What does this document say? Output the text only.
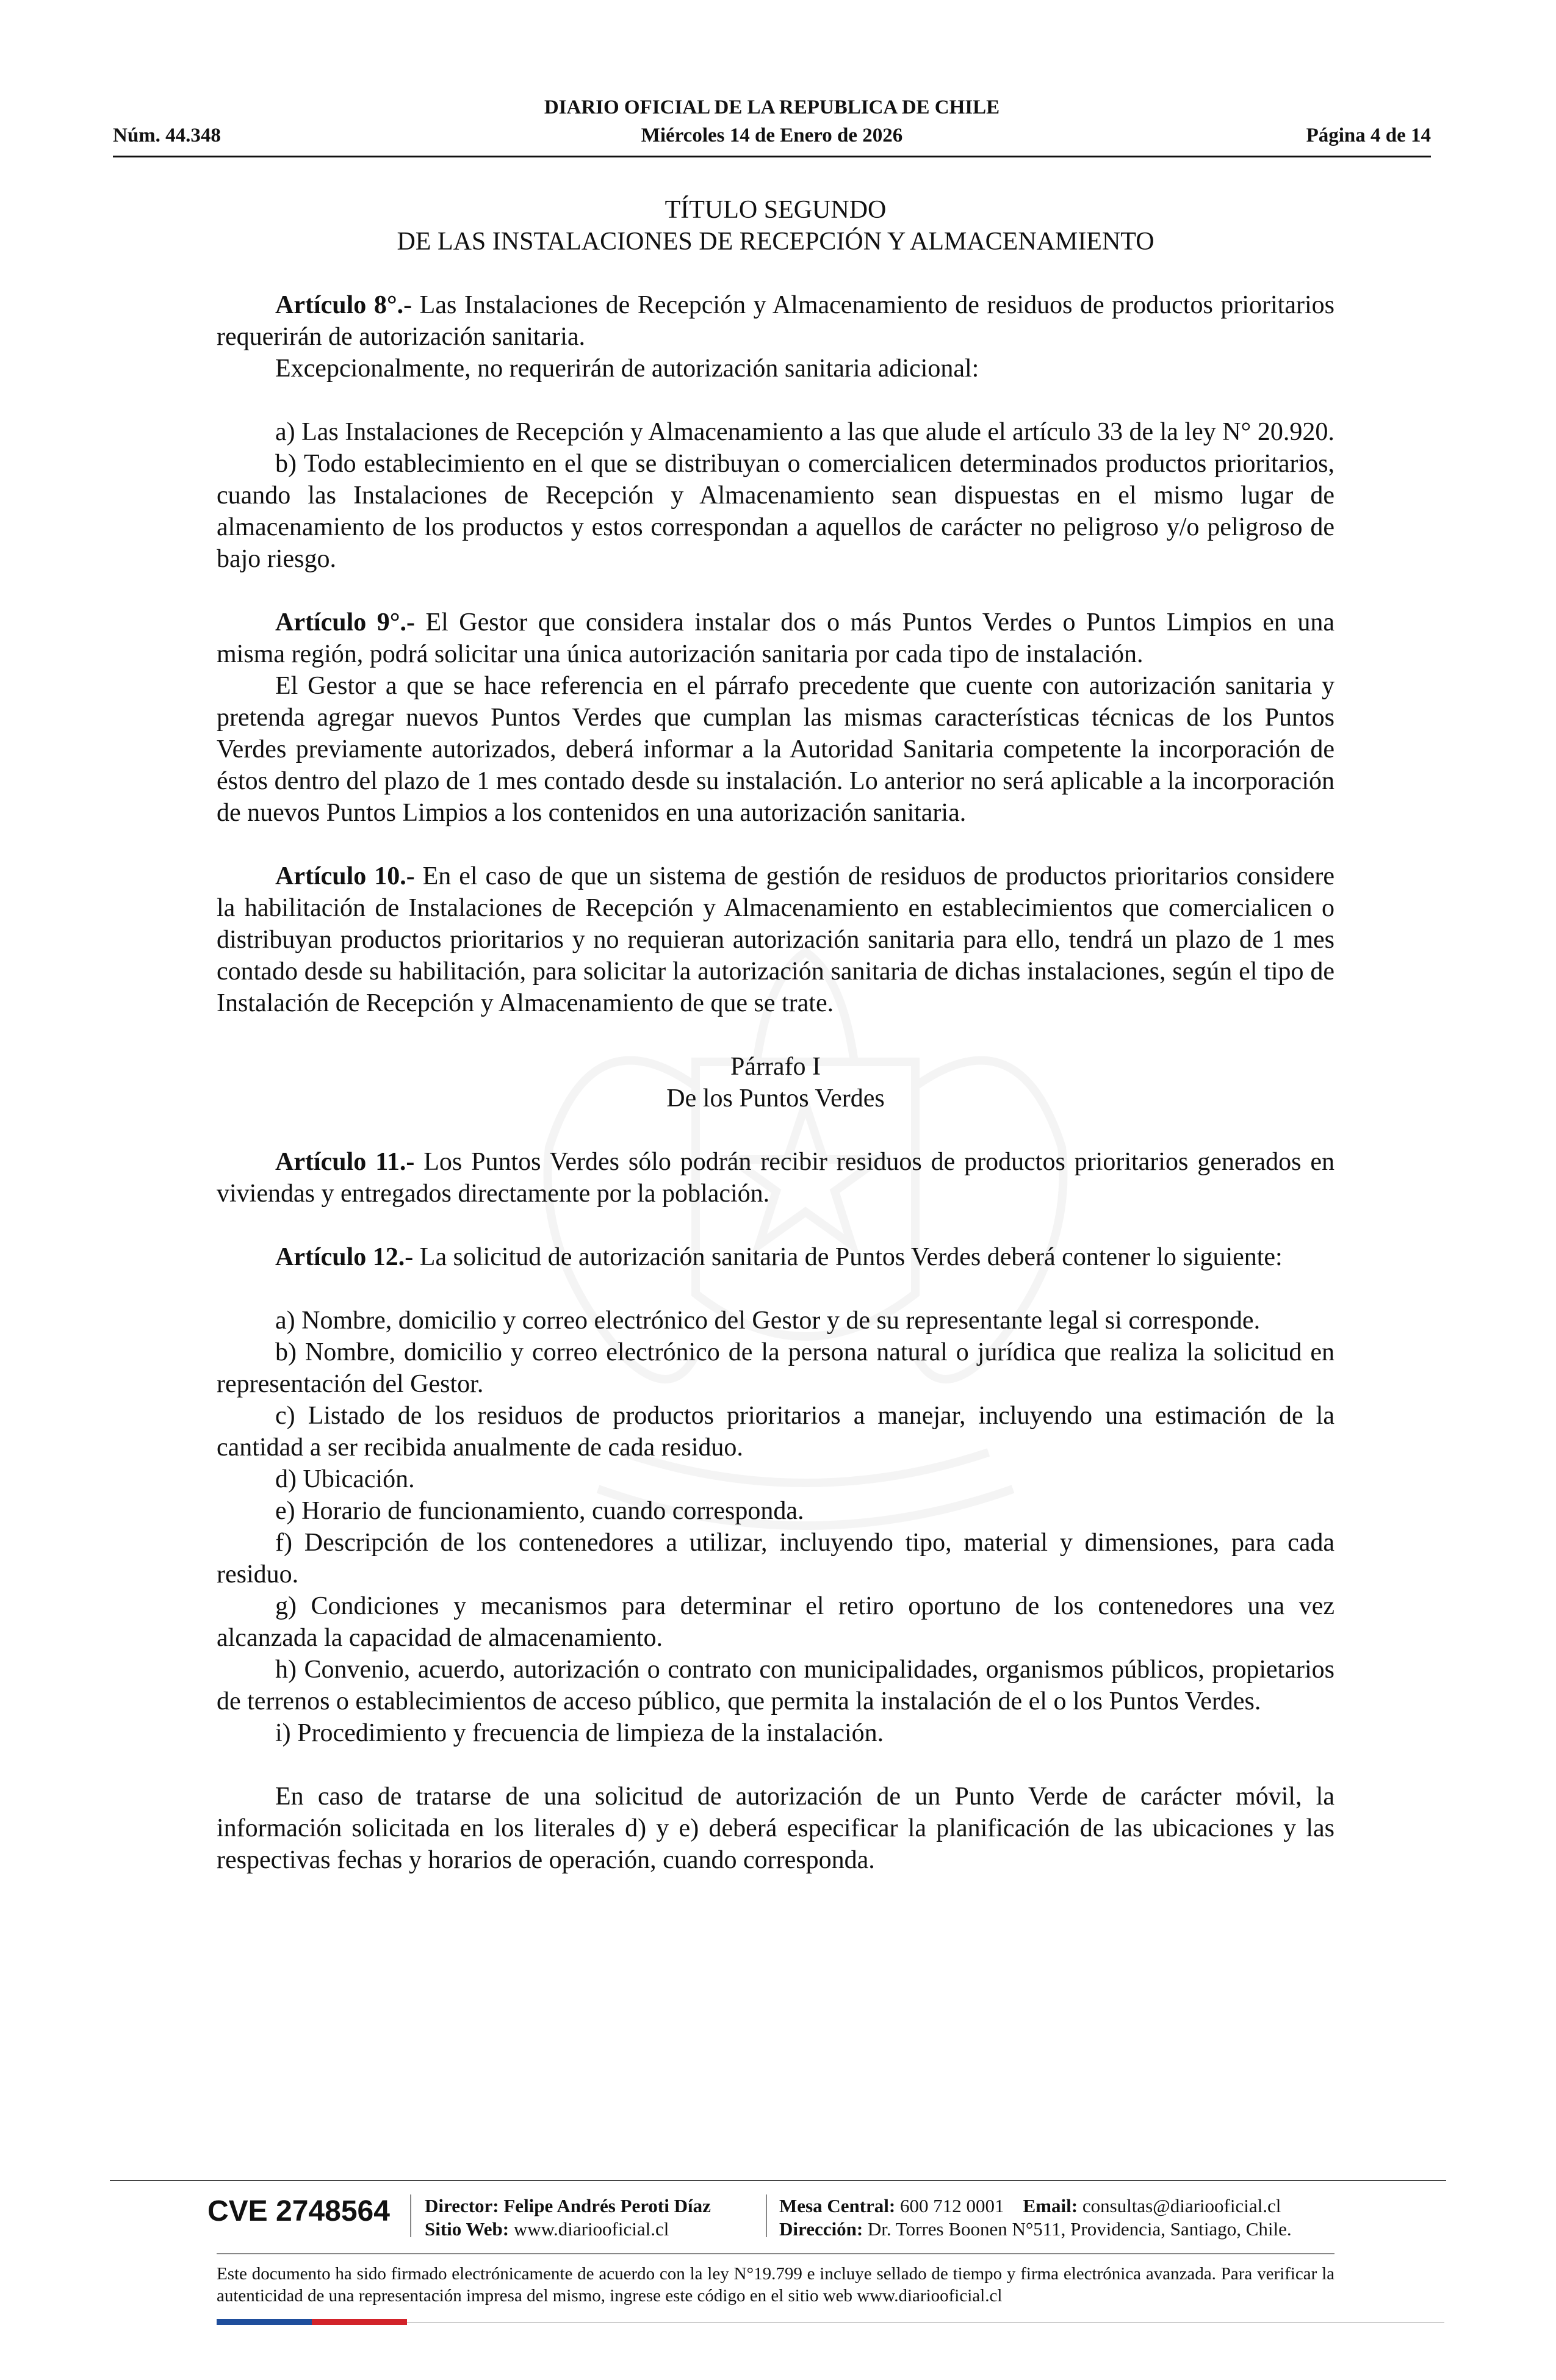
DIARIO OFICIAL DE LA REPUBLICA DE CHILE
Núm. 44.348	Miércoles 14 de Enero de 2026	Página 4 de 14

TÍTULO SEGUNDO

DE LAS INSTALACIONES DE RECEPCIÓN Y ALMACENAMIENTO

Artículo 8°.- Las Instalaciones de Recepción y Almacenamiento de residuos de productos prioritarios requerirán de autorización sanitaria.

Excepcionalmente, no requerirán de autorización sanitaria adicional:

a) Las Instalaciones de Recepción y Almacenamiento a las que alude el artículo 33 de la ley N° 20.920.

b) Todo establecimiento en el que se distribuyan o comercialicen determinados productos prioritarios, cuando las Instalaciones de Recepción y Almacenamiento sean dispuestas en el mismo lugar de almacenamiento de los productos y estos correspondan a aquellos de carácter no peligroso y/o peligroso de bajo riesgo.

Artículo 9°.- El Gestor que considera instalar dos o más Puntos Verdes o Puntos Limpios en una misma región, podrá solicitar una única autorización sanitaria por cada tipo de instalación.

El Gestor a que se hace referencia en el párrafo precedente que cuente con autorización sanitaria y pretenda agregar nuevos Puntos Verdes que cumplan las mismas características técnicas de los Puntos Verdes previamente autorizados, deberá informar a la Autoridad Sanitaria competente la incorporación de éstos dentro del plazo de 1 mes contado desde su instalación. Lo anterior no será aplicable a la incorporación de nuevos Puntos Limpios a los contenidos en una autorización sanitaria.

Artículo 10.- En el caso de que un sistema de gestión de residuos de productos prioritarios considere la habilitación de Instalaciones de Recepción y Almacenamiento en establecimientos que comercialicen o distribuyan productos prioritarios y no requieran autorización sanitaria para ello, tendrá un plazo de 1 mes contado desde su habilitación, para solicitar la autorización sanitaria de dichas instalaciones, según el tipo de Instalación de Recepción y Almacenamiento de que se trate.

Párrafo I

De los Puntos Verdes

Artículo 11.- Los Puntos Verdes sólo podrán recibir residuos de productos prioritarios generados en viviendas y entregados directamente por la población.

Artículo 12.- La solicitud de autorización sanitaria de Puntos Verdes deberá contener lo siguiente:

a) Nombre, domicilio y correo electrónico del Gestor y de su representante legal si corresponde.

b) Nombre, domicilio y correo electrónico de la persona natural o jurídica que realiza la solicitud en representación del Gestor.

c) Listado de los residuos de productos prioritarios a manejar, incluyendo una estimación de la cantidad a ser recibida anualmente de cada residuo.

d) Ubicación.

e) Horario de funcionamiento, cuando corresponda.

f) Descripción de los contenedores a utilizar, incluyendo tipo, material y dimensiones, para cada residuo.

g) Condiciones y mecanismos para determinar el retiro oportuno de los contenedores una vez alcanzada la capacidad de almacenamiento.

h) Convenio, acuerdo, autorización o contrato con municipalidades, organismos públicos, propietarios de terrenos o establecimientos de acceso público, que permita la instalación de el o los Puntos Verdes.

i) Procedimiento y frecuencia de limpieza de la instalación.

En caso de tratarse de una solicitud de autorización de un Punto Verde de carácter móvil, la información solicitada en los literales d) y e) deberá especificar la planificación de las ubicaciones y las respectivas fechas y horarios de operación, cuando corresponda.

CVE 2748564 Director: Felipe Andrés Peroti Díaz
Sitio Web: www.diariooficial.cl
Mesa Central: 600 712 0001 Email: consultas@diariooficial.cl
Dirección: Dr. Torres Boonen N°511, Providencia, Santiago, Chile.
Este documento ha sido firmado electrónicamente de acuerdo con la ley N°19.799 e incluye sellado de tiempo y firma electrónica avanzada. Para verificar la autenticidad de una representación impresa del mismo, ingrese este código en el sitio web www.diariooficial.cl
